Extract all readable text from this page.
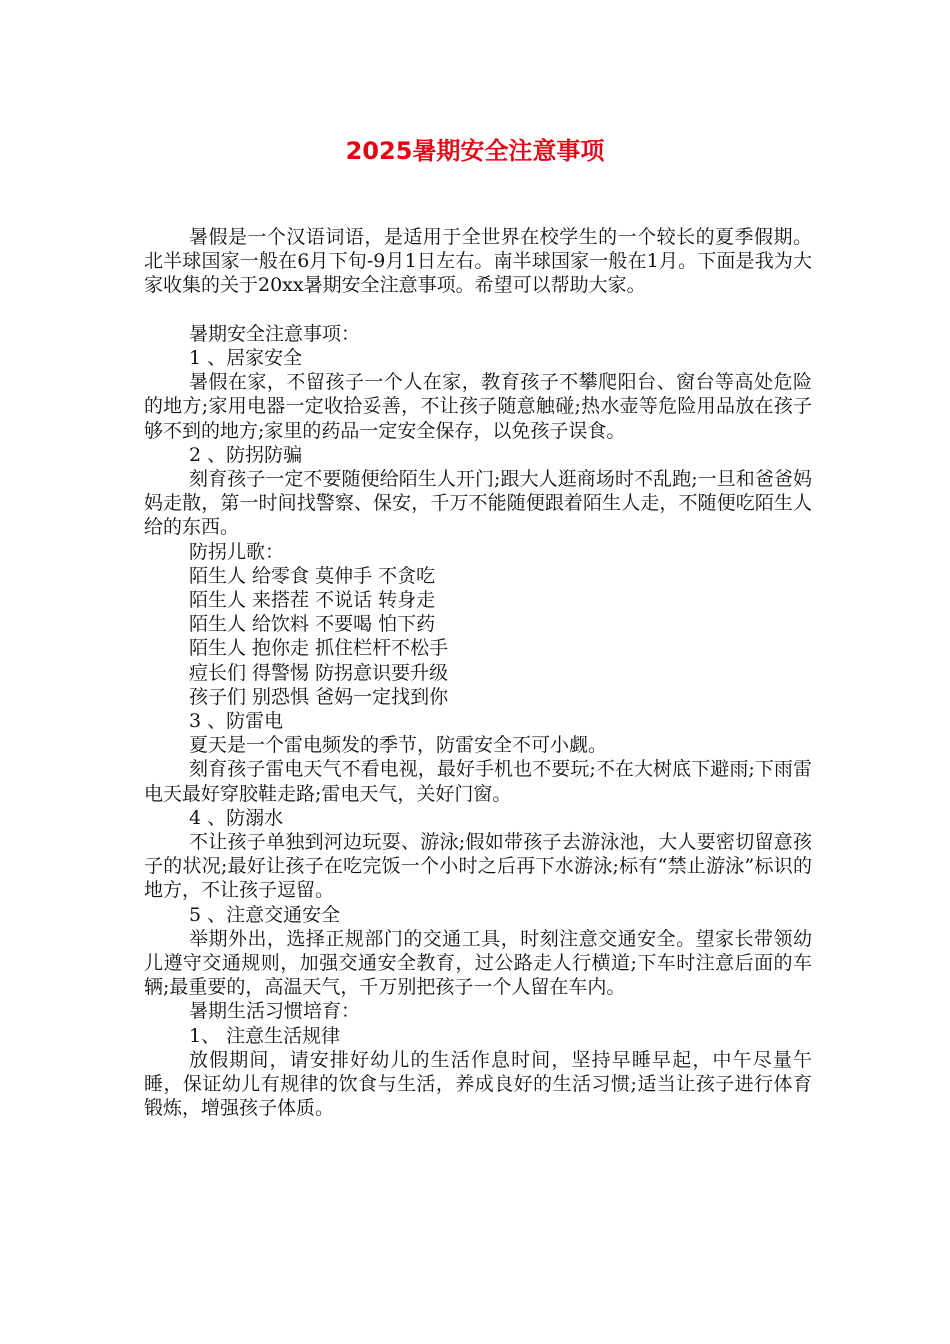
2025暑期安全注意事项

暑假是一个汉语词语，是适用于全世界在校学生的一个较长的夏季假期。北半球国家一般在6月下旬-9月1日左右。南半球国家一般在1月。下面是我为大家收集的关于20xx暑期安全注意事项。希望可以帮助大家。

暑期安全注意事项：

1 、居家安全

暑假在家，不留孩子一个人在家，教育孩子不攀爬阳台、窗台等高处危险的地方;家用电器一定收拾妥善，不让孩子随意触碰;热水壶等危险用品放在孩子够不到的地方;家里的药品一定安全保存，以免孩子误食。

2 、防拐防骗

刻育孩子一定不要随便给陌生人开门;跟大人逛商场时不乱跑;一旦和爸爸妈妈走散，第一时间找警察、保安，千万不能随便跟着陌生人走，不随便吃陌生人给的东西。

防拐儿歌：

陌生人 给零食 莫伸手 不贪吃

陌生人 来搭茬 不说话 转身走

陌生人 给饮料 不要喝 怕下药

陌生人 抱你走 抓住栏杆不松手

痘长们 得警惕 防拐意识要升级

孩子们 别恐惧 爸妈一定找到你

3 、防雷电

夏天是一个雷电频发的季节，防雷安全不可小觑。

刻育孩子雷电天气不看电视，最好手机也不要玩;不在大树底下避雨;下雨雷电天最好穿胶鞋走路;雷电天气，关好门窗。

4 、防溺水

不让孩子单独到河边玩耍、游泳;假如带孩子去游泳池，大人要密切留意孩子的状况;最好让孩子在吃完饭一个小时之后再下水游泳;标有“禁止游泳”标识的地方，不让孩子逗留。

5 、注意交通安全

举期外出，选择正规部门的交通工具，时刻注意交通安全。望家长带领幼儿遵守交通规则，加强交通安全教育，过公路走人行横道;下车时注意后面的车辆;最重要的，高温天气，千万别把孩子一个人留在车内。

暑期生活习惯培育：

1、 注意生活规律

放假期间，请安排好幼儿的生活作息时间，坚持早睡早起，中午尽量午睡，保证幼儿有规律的饮食与生活，养成良好的生活习惯;适当让孩子进行体育锻炼，增强孩子体质。
